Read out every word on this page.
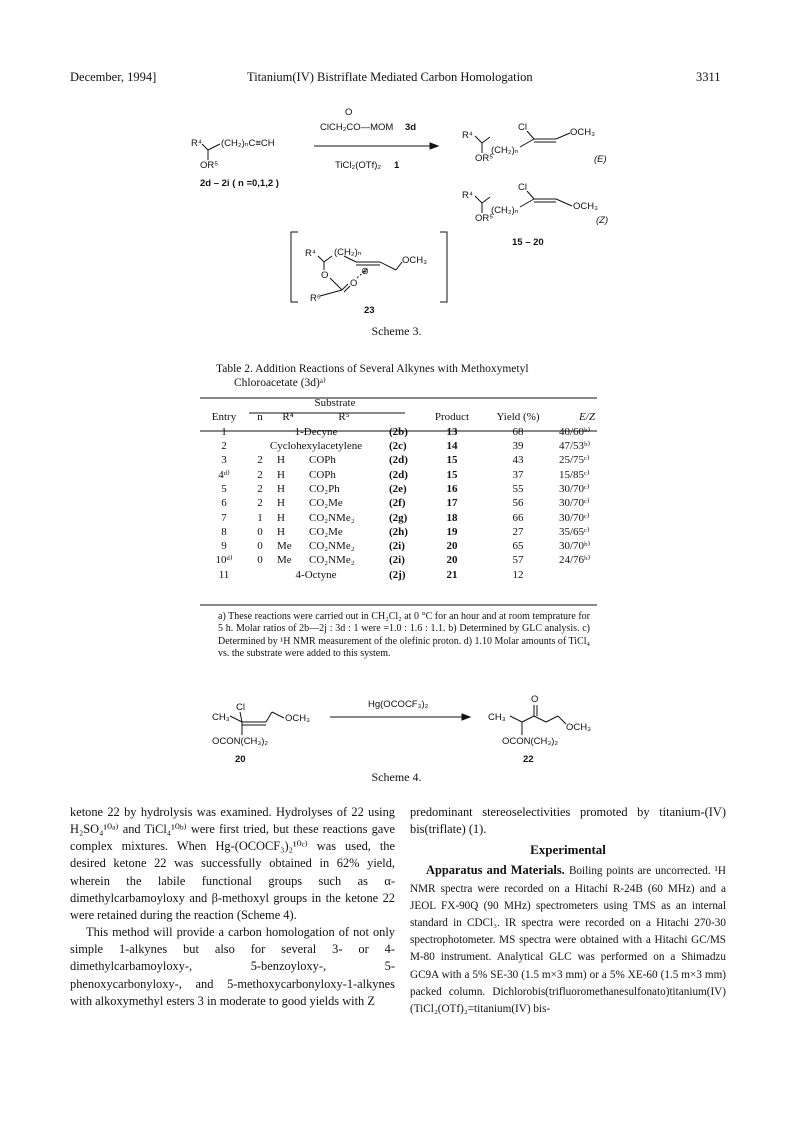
December, 1994]	Titanium(IV) Bistriflate Mediated Carbon Homologation	3311
R⁴ (CH₂)ₙC≡CH
OR⁵
2d – 2i ( n =0,1,2 )
O
ClCH₂CO—MOM 3d
TiCl₂(OTf)₂ 1
Cl
R⁴
(CH₂)ₙ
OCH₃
OR⁵	(E)
Cl
R⁴
(CH₂)ₙ	OCH₃
OR⁵	(Z)
15 – 20
R⁴ (CH₂)ₙ
OCH₃
O
O
⊕
R⁶
23
Scheme 3.
Table 2. Addition Reactions of Several Alkynes with Methoxymetyl
Chloroacetate (3d)ᵃ⁾
	Substrate						
Entry	n	R⁴	R⁵		Product	Yield (%)	E/Z
1	1-Decyne			(2b)	13	68	40/60ᵇ⁾
2	Cyclohexylacetylene			(2c)	14	39	47/53ᵇ⁾
3	2	H	COPh	(2d)	15	43	25/75ᶜ⁾
4ᵈ⁾	2	H	COPh	(2d)	15	37	15/85ᶜ⁾
5	2	H	CO₂Ph	(2e)	16	55	30/70ᶜ⁾
6	2	H	CO₂Me	(2f)	17	56	30/70ᶜ⁾
7	1	H	CO₂NMe₂	(2g)	18	66	30/70ᶜ⁾
8	0	H	CO₂Me	(2h)	19	27	35/65ᶜ⁾
9	0	Me	CO₂NMe₂	(2i)	20	65	30/70ᵇ⁾
10ᵈ⁾	0	Me	CO₂NMe₂	(2i)	20	57	24/76ᵇ⁾
11	4-Octyne			(2j)	21	12	
a) These reactions were carried out in CH₂Cl₂ at 0 °C for an hour and at room temprature for 5 h. Molar ratios of 2b—2j : 3d : 1 were =1.0 : 1.6 : 1.1. b) Determined by GLC analysis. c) Determined by ¹H NMR measurement of the olefinic proton. d) 1.10 Molar amounts of TiCl₄ vs. the substrate were added to this system.
Cl
CH₃	OCH₃
OCON(CH₃)₂
20
Hg(OCOCF₃)₂	O
CH₃
OCH₃
OCON(CH₃)₂
22
Scheme 4.

ketone 22 by hydrolysis was examined. Hydrolyses of 22 using H₂SO₄¹⁰ᵃ⁾ and TiCl₄¹⁰ᵇ⁾ were first tried, but these reactions gave complex mixtures. When Hg-(OCOCF₃)₂¹⁰ᶜ⁾ was used, the desired ketone 22 was successfully obtained in 62% yield, wherein the labile functional groups such as α-dimethylcarbamoyloxy and β-methoxyl groups in the ketone 22 were retained during the reaction (Scheme 4).

This method will provide a carbon homologation of not only simple 1-alkynes but also for several 3- or 4-dimethylcarbamoyloxy-, 5-benzoyloxy-, 5-phenoxycarbonyloxy-, and 5-methoxycarbonyloxy-1-alkynes with alkoxymethyl esters 3 in moderate to good yields with Z

predominant stereoselectivities promoted by titanium-(IV) bis(triflate) (1).

Experimental

Apparatus and Materials. Boiling points are uncorrected. ¹H NMR spectra were recorded on a Hitachi R-24B (60 MHz) and a JEOL FX-90Q (90 MHz) spectrometers using TMS as an internal standard in CDCl₃. IR spectra were recorded on a Hitachi 270-30 spectrophotometer. MS spectra were obtained with a Hitachi GC/MS M-80 instrument. Analytical GLC was performed on a Shimadzu GC9A with a 5% SE-30 (1.5 m×3 mm) or a 5% XE-60 (1.5 m×3 mm) packed column. Dichlorobis(trifluoromethanesulfonato)titanium(IV) (TiCl₂(OTf)₂=titanium(IV) bis-
